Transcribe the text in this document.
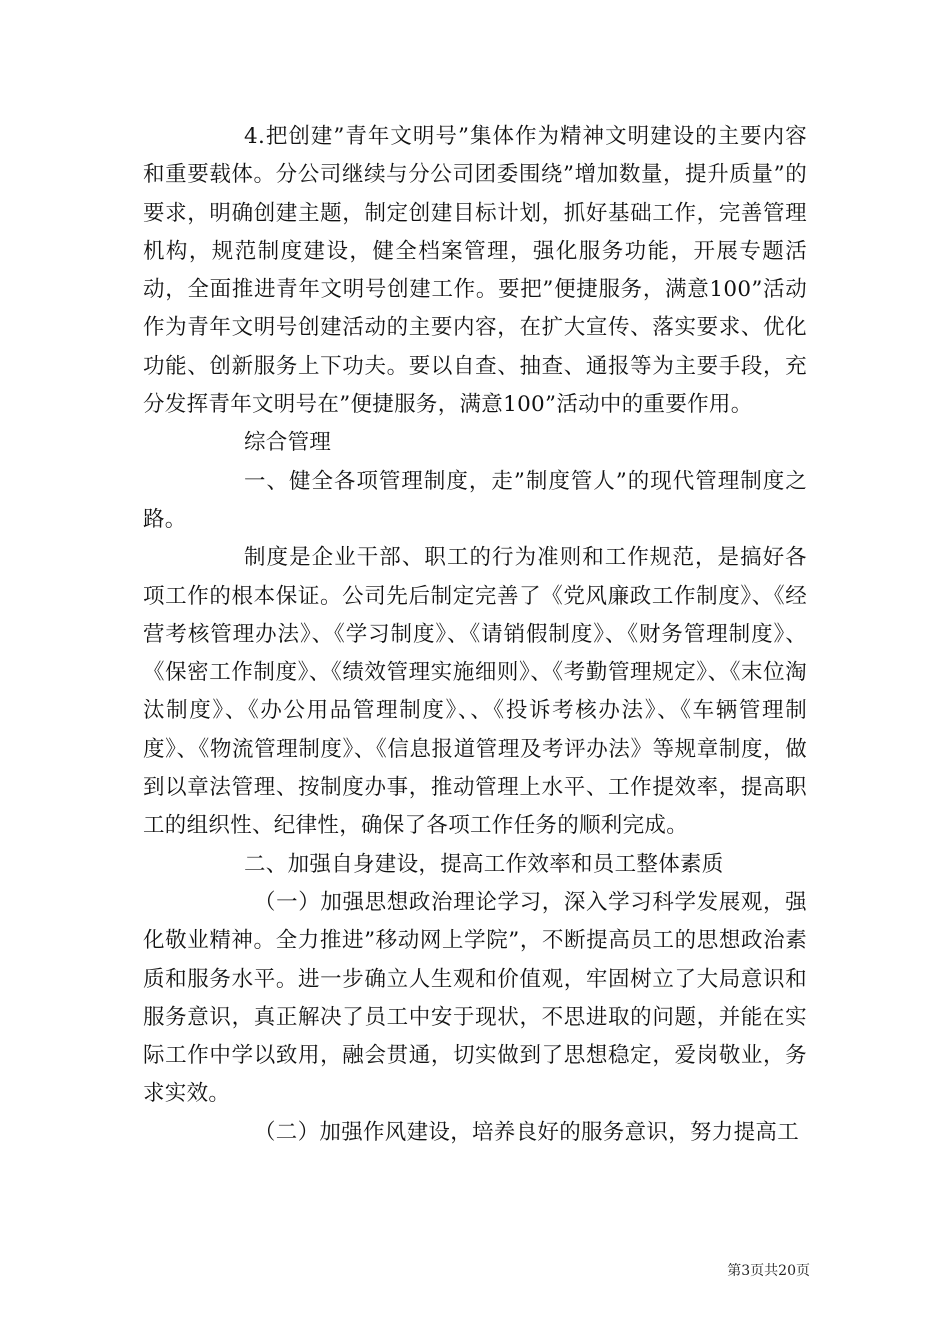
4.把创建”青年文明号”集体作为精神文明建设的主要内容和重要载体。分公司继续与分公司团委围绕”增加数量，提升质量”的要求，明确创建主题，制定创建目标计划，抓好基础工作，完善管理机构，规范制度建设，健全档案管理，强化服务功能，开展专题活动，全面推进青年文明号创建工作。要把”便捷服务，满意100”活动作为青年文明号创建活动的主要内容，在扩大宣传、落实要求、优化功能、创新服务上下功夫。要以自查、抽查、通报等为主要手段，充分发挥青年文明号在”便捷服务，满意100”活动中的重要作用。

综合管理

一、健全各项管理制度，走”制度管人”的现代管理制度之路。

制度是企业干部、职工的行为准则和工作规范，是搞好各项工作的根本保证。公司先后制定完善了《党风廉政工作制度》、《经营考核管理办法》、《学习制度》、《请销假制度》、《财务管理制度》、《保密工作制度》、《绩效管理实施细则》、《考勤管理规定》、《末位淘汰制度》、《办公用品管理制度》、、《投诉考核办法》、《车辆管理制度》、《物流管理制度》、《信息报道管理及考评办法》等规章制度，做到以章法管理、按制度办事，推动管理上水平、工作提效率，提高职工的组织性、纪律性，确保了各项工作任务的顺利完成。

二、加强自身建设，提高工作效率和员工整体素质

（一）加强思想政治理论学习，深入学习科学发展观，强化敬业精神。全力推进”移动网上学院”，不断提高员工的思想政治素质和服务水平。进一步确立人生观和价值观，牢固树立了大局意识和服务意识，真正解决了员工中安于现状，不思进取的问题，并能在实际工作中学以致用，融会贯通，切实做到了思想稳定，爱岗敬业，务求实效。

（二）加强作风建设，培养良好的服务意识，努力提高工

第3页共20页
